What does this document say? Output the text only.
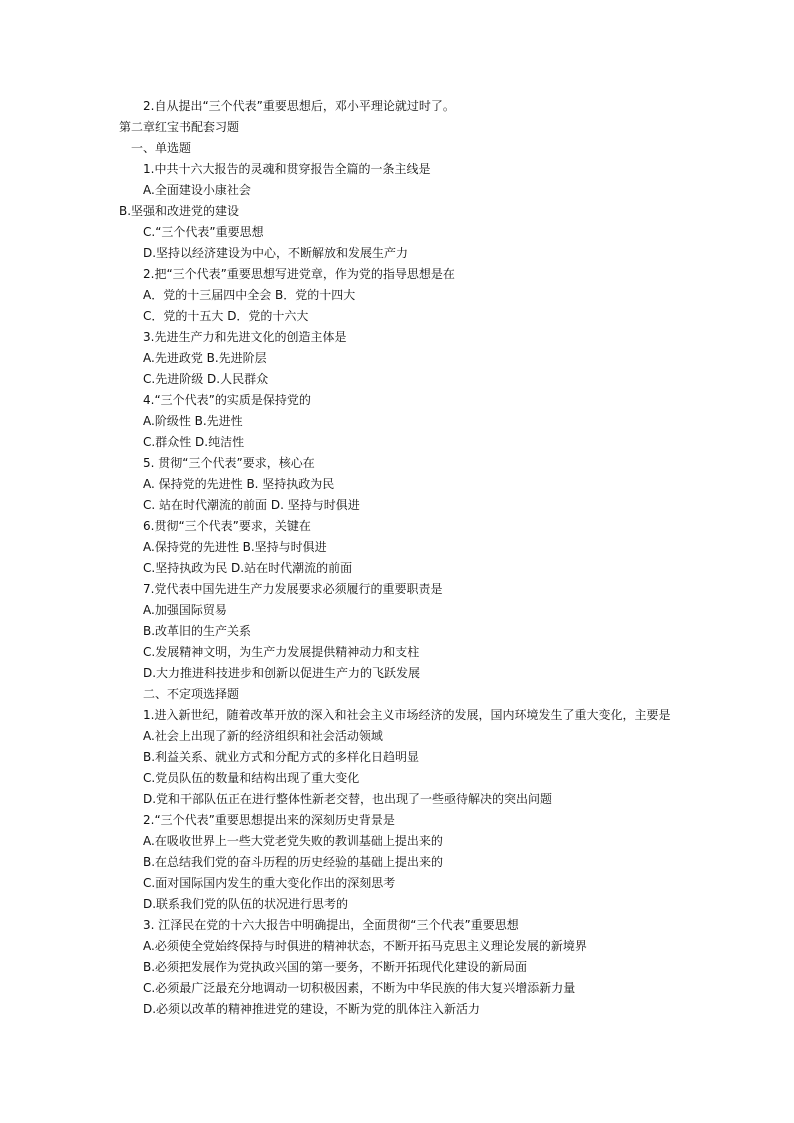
2.自从提出“三个代表”重要思想后，邓小平理论就过时了。
第二章红宝书配套习题
一、单选题
1.中共十六大报告的灵魂和贯穿报告全篇的一条主线是
A.全面建设小康社会
B.坚强和改进党的建设
C.“三个代表”重要思想
D.坚持以经济建设为中心，不断解放和发展生产力
2.把“三个代表”重要思想写进党章，作为党的指导思想是在
A．党的十三届四中全会 B．党的十四大
C．党的十五大 D．党的十六大
3.先进生产力和先进文化的创造主体是
A.先进政党 B.先进阶层
C.先进阶级 D.人民群众
4.“三个代表”的实质是保持党的
A.阶级性 B.先进性
C.群众性 D.纯洁性
5. 贯彻“三个代表”要求，核心在
A. 保持党的先进性 B. 坚持执政为民
C. 站在时代潮流的前面 D. 坚持与时俱进
6.贯彻“三个代表”要求，关键在
A.保持党的先进性 B.坚持与时俱进
C.坚持执政为民 D.站在时代潮流的前面
7.党代表中国先进生产力发展要求必须履行的重要职责是
A.加强国际贸易
B.改革旧的生产关系
C.发展精神文明，为生产力发展提供精神动力和支柱
D.大力推进科技进步和创新以促进生产力的飞跃发展
二、不定项选择题
1.进入新世纪，随着改革开放的深入和社会主义市场经济的发展，国内环境发生了重大变化，主要是
A.社会上出现了新的经济组织和社会活动领域
B.利益关系、就业方式和分配方式的多样化日趋明显
C.党员队伍的数量和结构出现了重大变化
D.党和干部队伍正在进行整体性新老交替，也出现了一些亟待解决的突出问题
2.“三个代表”重要思想提出来的深刻历史背景是
A.在吸收世界上一些大党老党失败的教训基础上提出来的
B.在总结我们党的奋斗历程的历史经验的基础上提出来的
C.面对国际国内发生的重大变化作出的深刻思考
D.联系我们党的队伍的状况进行思考的
3. 江泽民在党的十六大报告中明确提出，全面贯彻“三个代表”重要思想
A.必须使全党始终保持与时俱进的精神状态，不断开拓马克思主义理论发展的新境界
B.必须把发展作为党执政兴国的第一要务，不断开拓现代化建设的新局面
C.必须最广泛最充分地调动一切积极因素，不断为中华民族的伟大复兴增添新力量
D.必须以改革的精神推进党的建设，不断为党的肌体注入新活力
